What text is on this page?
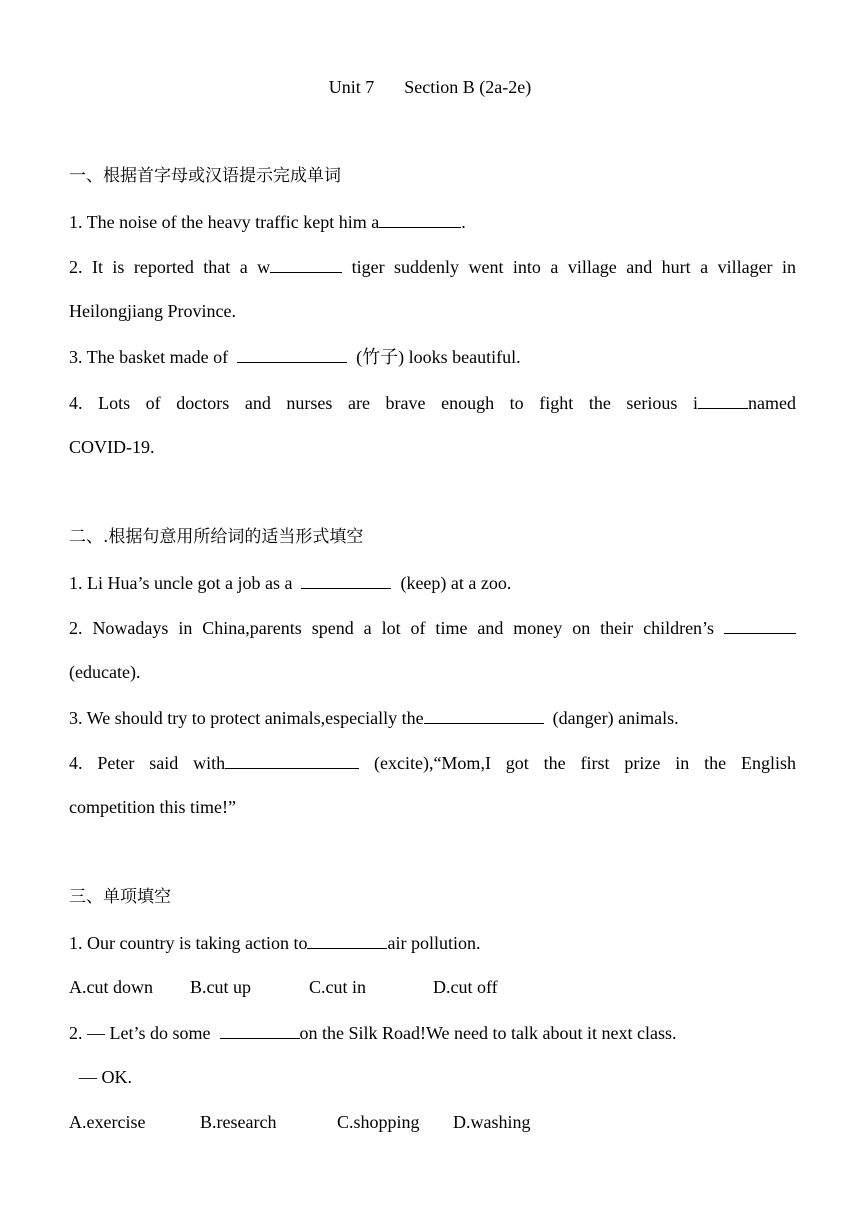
Unit 7 Section B (2a-2e)
一、根据首字母或汉语提示完成单词
1. The noise of the heavy traffic kept him a	.
2. It is reported that a w	tiger suddenly went into a village and hurt a villager in
Heilongjiang Province.
3. The basket made of	(竹子) looks beautiful.
4. Lots of doctors and nurses are brave enough to fight the serious i	named
COVID-19.
二、.根据句意用所给词的适当形式填空
1. Li Hua’s uncle got a job as a	(keep) at a zoo.
2. Nowadays in China,parents spend a lot of time and money on their children’s
(educate).
3. We should try to protect animals,especially the	(danger) animals.
4. Peter said with	(excite),“Mom,I got the first prize in the English
competition this time!”
三、单项填空
1. Our country is taking action to	air pollution.
A.cut down B.cut up	C.cut in	D.cut off
2. — Let’s do some	on the Silk Road!We need to talk about it next class.
— OK.
A.exercise	B.research	C.shopping D.washing
